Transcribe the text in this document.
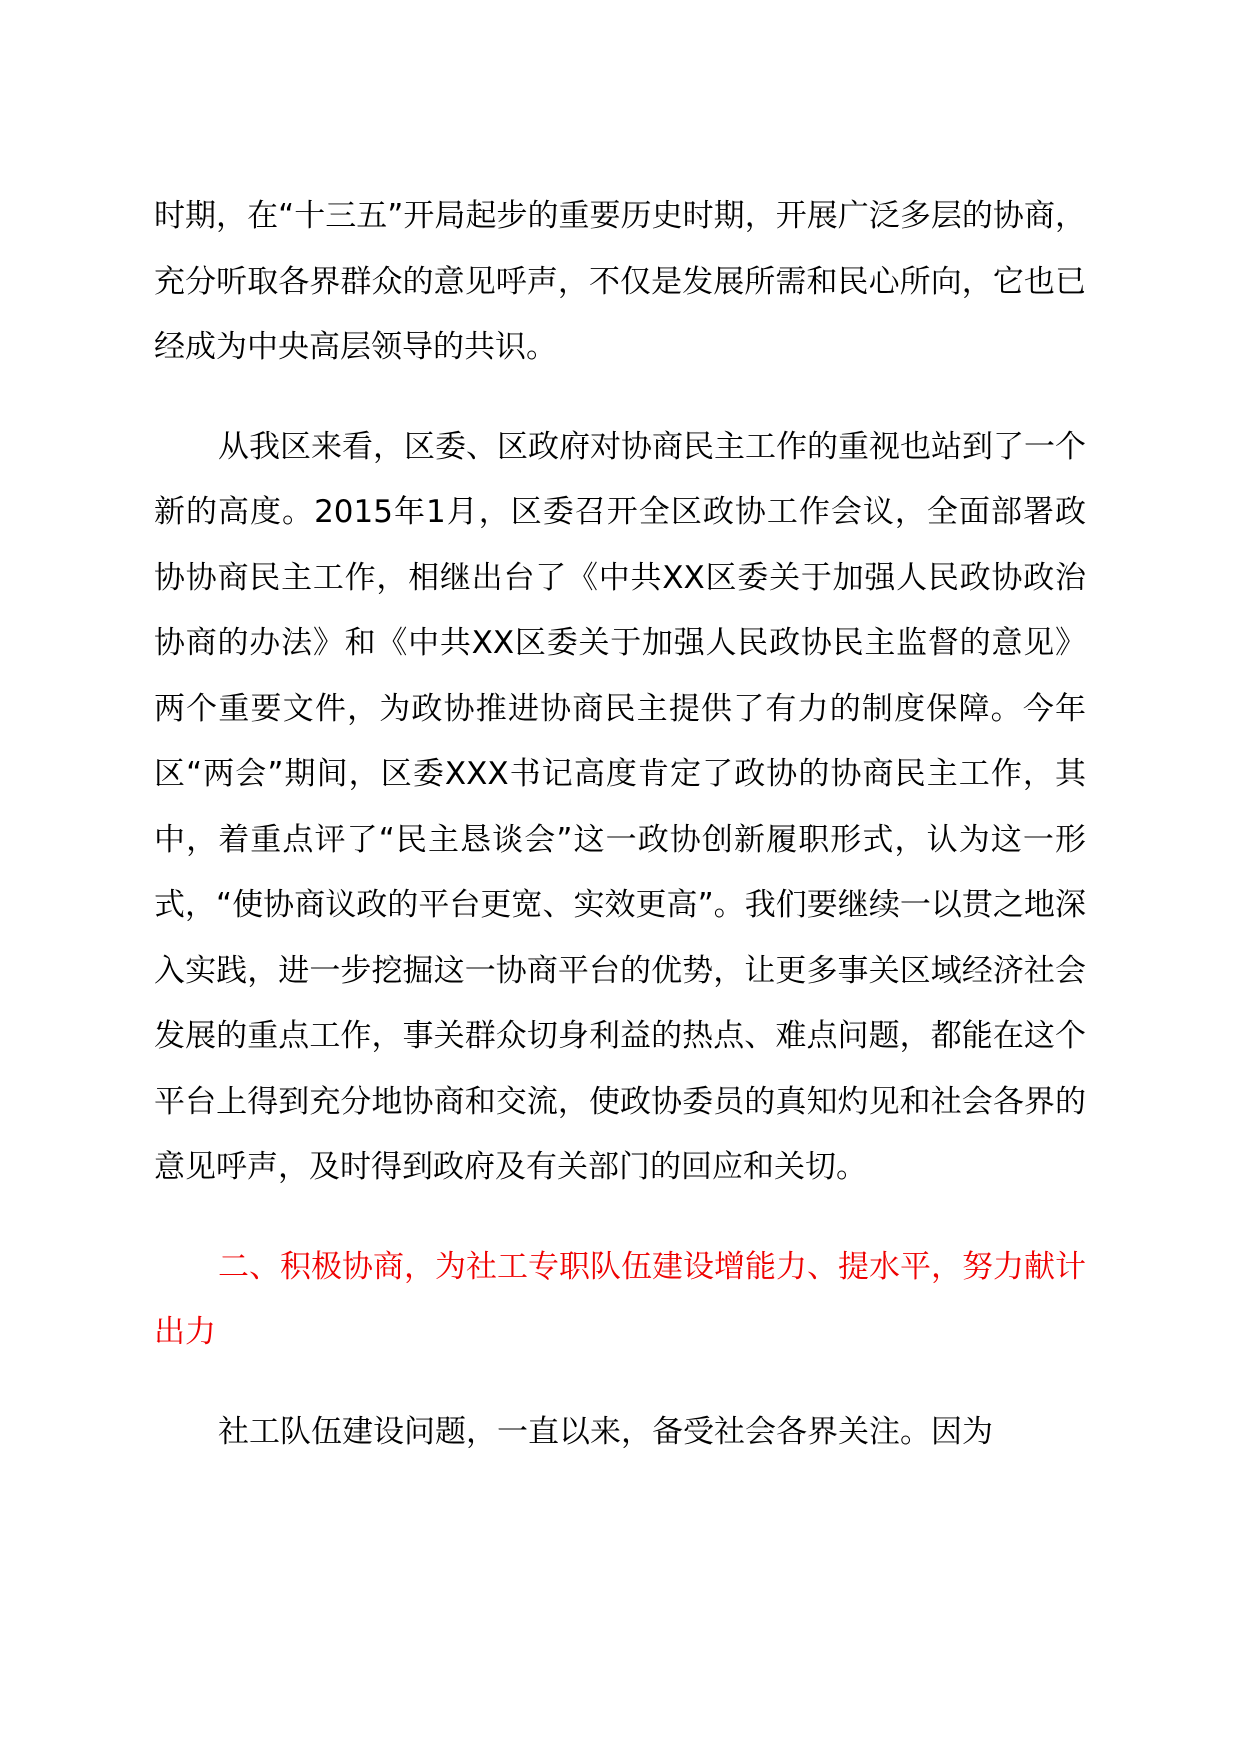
时期，在“十三五”开局起步的重要历史时期，开展广泛多层的协商，充分听取各界群众的意见呼声，不仅是发展所需和民心所向，它也已经成为中央高层领导的共识。

从我区来看，区委、区政府对协商民主工作的重视也站到了一个新的高度。2015年1月，区委召开全区政协工作会议，全面部署政协协商民主工作，相继出台了《中共XX区委关于加强人民政协政治协商的办法》和《中共XX区委关于加强人民政协民主监督的意见》两个重要文件，为政协推进协商民主提供了有力的制度保障。今年区“两会”期间，区委XXX书记高度肯定了政协的协商民主工作，其中，着重点评了“民主恳谈会”这一政协创新履职形式，认为这一形式，“使协商议政的平台更宽、实效更高”。我们要继续一以贯之地深入实践，进一步挖掘这一协商平台的优势，让更多事关区域经济社会发展的重点工作，事关群众切身利益的热点、难点问题，都能在这个平台上得到充分地协商和交流，使政协委员的真知灼见和社会各界的意见呼声，及时得到政府及有关部门的回应和关切。

二、积极协商，为社工专职队伍建设增能力、提水平，努力献计出力

社工队伍建设问题，一直以来，备受社会各界关注。因为
